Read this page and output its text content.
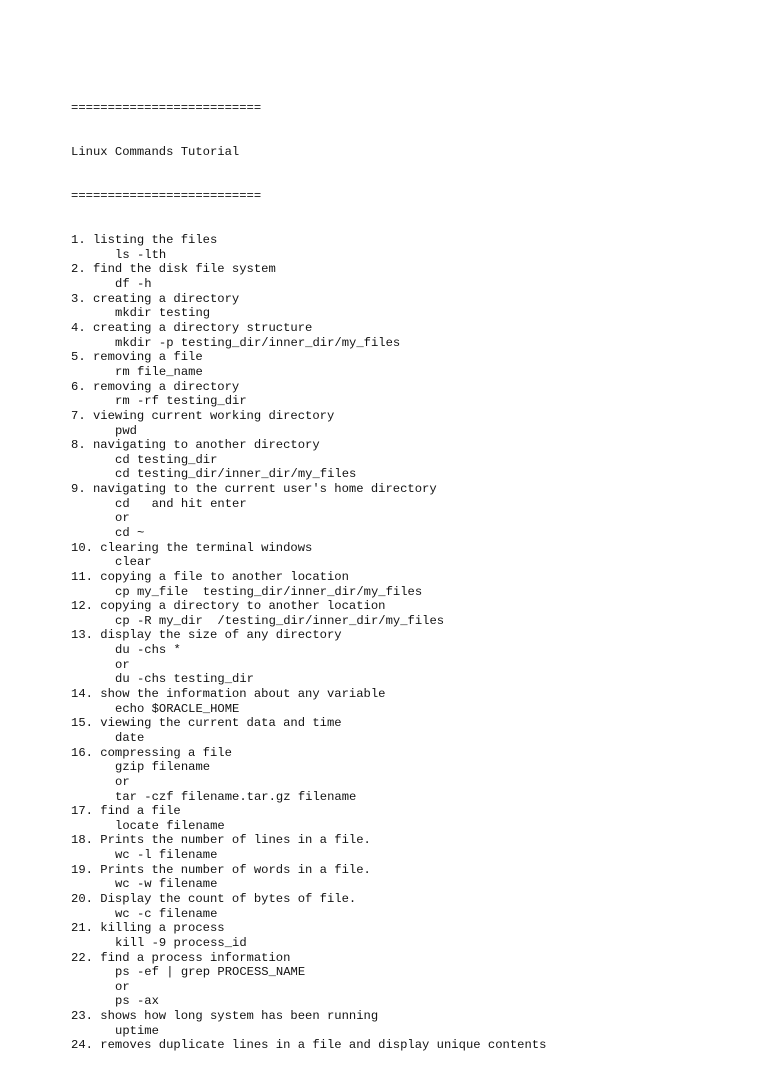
==========================

Linux Commands Tutorial

==========================

1. listing the files
ls -lth
2. find the disk file system
df -h
3. creating a directory
mkdir testing
4. creating a directory structure
mkdir -p testing_dir/inner_dir/my_files
5. removing a file
rm file_name
6. removing a directory
rm -rf testing_dir
7. viewing current working directory
pwd
8. navigating to another directory
cd testing_dir
cd testing_dir/inner_dir/my_files
9. navigating to the current user's home directory
cd   and hit enter
or
cd ~
10. clearing the terminal windows
clear
11. copying a file to another location
cp my_file  testing_dir/inner_dir/my_files
12. copying a directory to another location
cp -R my_dir  /testing_dir/inner_dir/my_files
13. display the size of any directory
du -chs *
or
du -chs testing_dir
14. show the information about any variable
echo $ORACLE_HOME
15. viewing the current data and time
date
16. compressing a file
gzip filename
or
tar -czf filename.tar.gz filename
17. find a file
locate filename
18. Prints the number of lines in a file.
wc -l filename
19. Prints the number of words in a file.
wc -w filename
20. Display the count of bytes of file.
wc -c filename
21. killing a process
kill -9 process_id
22. find a process information
ps -ef | grep PROCESS_NAME
or
ps -ax
23. shows how long system has been running
uptime
24. removes duplicate lines in a file and display unique contents
